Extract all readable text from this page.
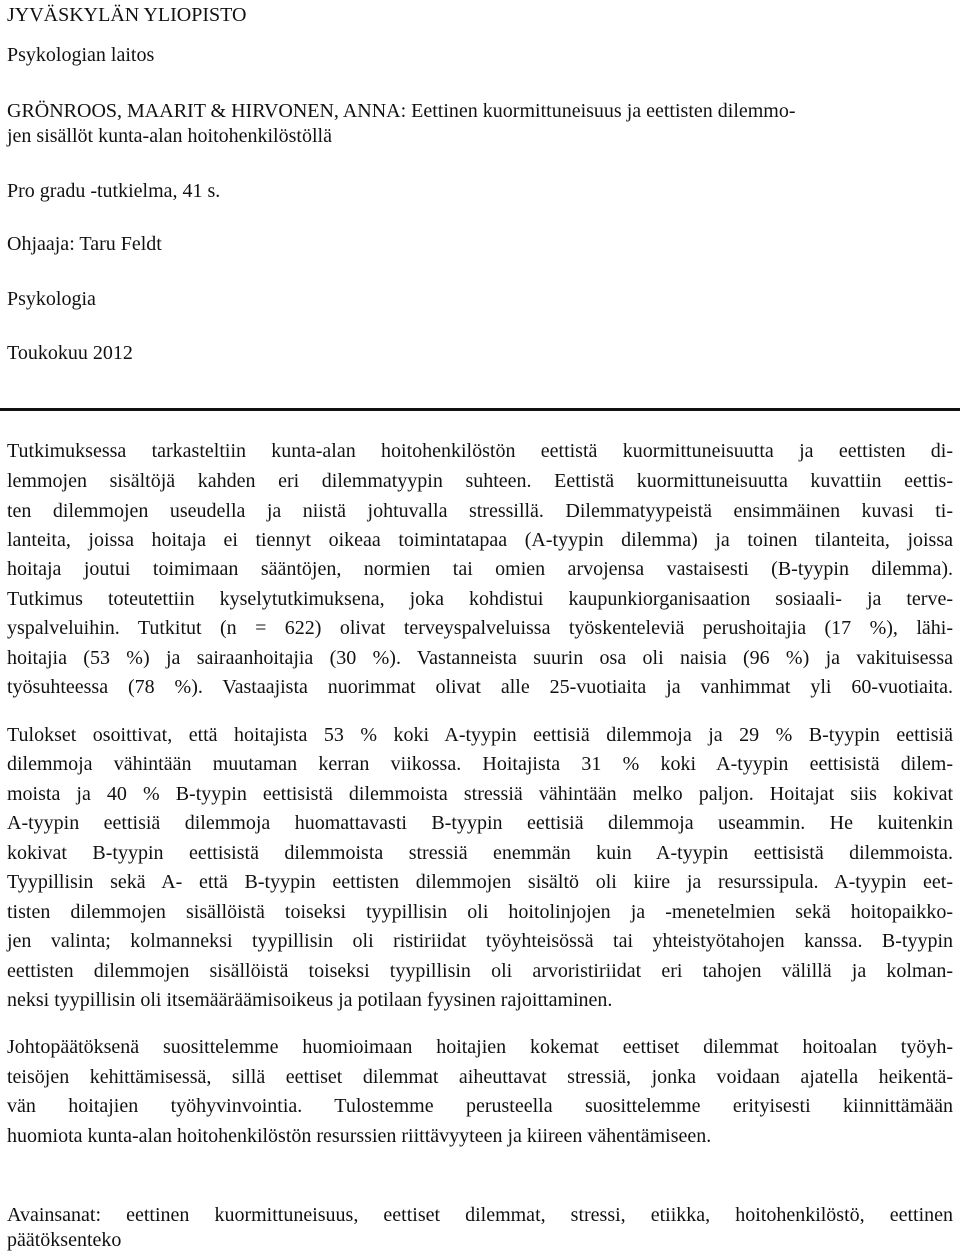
JYVÄSKYLÄN YLIOPISTO
Psykologian laitos
GRÖNROOS, MAARIT & HIRVONEN, ANNA: Eettinen kuormittuneisuus ja eettisten dilemmo-
jen sisällöt kunta-alan hoitohenkilöstöllä
Pro gradu -tutkielma, 41 s.
Ohjaaja: Taru Feldt
Psykologia
Toukokuu 2012
Tutkimuksessa tarkasteltiin kunta-alan hoitohenkilöstön eettistä kuormittuneisuutta ja eettisten di-
lemmojen sisältöjä kahden eri dilemmatyypin suhteen. Eettistä kuormittuneisuutta kuvattiin eettis-
ten dilemmojen useudella ja niistä johtuvalla stressillä. Dilemmatyypeistä ensimmäinen kuvasi ti-
lanteita, joissa hoitaja ei tiennyt oikeaa toimintatapaa (A-tyypin dilemma) ja toinen tilanteita, joissa
hoitaja joutui toimimaan sääntöjen, normien tai omien arvojensa vastaisesti (B-tyypin dilemma).
Tutkimus toteutettiin kyselytutkimuksena, joka kohdistui kaupunkiorganisaation sosiaali- ja terve-
yspalveluihin. Tutkitut (n = 622) olivat terveyspalveluissa työskenteleviä perushoitajia (17 %), lähi-
hoitajia (53 %) ja sairaanhoitajia (30 %). Vastanneista suurin osa oli naisia (96 %) ja vakituisessa
työsuhteessa (78 %). Vastaajista nuorimmat olivat alle 25-vuotiaita ja vanhimmat yli 60-vuotiaita.
Tulokset osoittivat, että hoitajista 53 % koki A-tyypin eettisiä dilemmoja ja 29 % B-tyypin eettisiä
dilemmoja vähintään muutaman kerran viikossa. Hoitajista 31 % koki A-tyypin eettisistä dilem-
moista ja 40 % B-tyypin eettisistä dilemmoista stressiä vähintään melko paljon. Hoitajat siis kokivat
A-tyypin eettisiä dilemmoja huomattavasti B-tyypin eettisiä dilemmoja useammin. He kuitenkin
kokivat B-tyypin eettisistä dilemmoista stressiä enemmän kuin A-tyypin eettisistä dilemmoista.
Tyypillisin sekä A- että B-tyypin eettisten dilemmojen sisältö oli kiire ja resurssipula. A-tyypin eet-
tisten dilemmojen sisällöistä toiseksi tyypillisin oli hoitolinjojen ja -menetelmien sekä hoitopaikko-
jen valinta; kolmanneksi tyypillisin oli ristiriidat työyhteisössä tai yhteistyötahojen kanssa. B-tyypin
eettisten dilemmojen sisällöistä toiseksi tyypillisin oli arvoristiriidat eri tahojen välillä ja kolman-
neksi tyypillisin oli itsemääräämisoikeus ja potilaan fyysinen rajoittaminen.
Johtopäätöksenä suosittelemme huomioimaan hoitajien kokemat eettiset dilemmat hoitoalan työyh-
teisöjen kehittämisessä, sillä eettiset dilemmat aiheuttavat stressiä, jonka voidaan ajatella heikentä-
vän hoitajien työhyvinvointia. Tulostemme perusteella suosittelemme erityisesti kiinnittämään
huomiota kunta-alan hoitohenkilöstön resurssien riittävyyteen ja kiireen vähentämiseen.
Avainsanat: eettinen kuormittuneisuus, eettiset dilemmat, stressi, etiikka, hoitohenkilöstö, eettinen
päätöksenteko
